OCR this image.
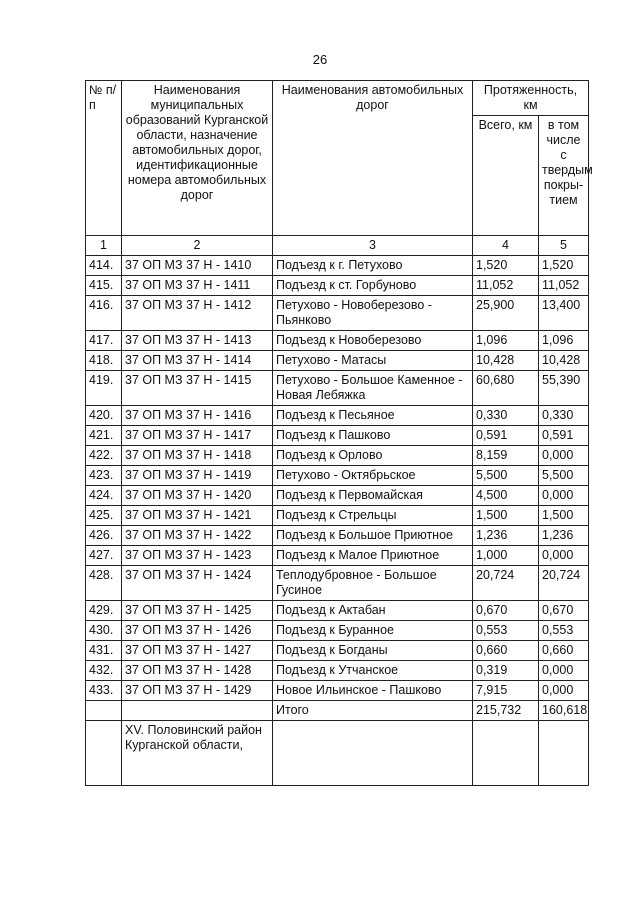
26
№ п/п	Наименования муниципальных образований Курганской области, назначение автомобильных дорог, идентификационные номера автомобильных дорог	Наименования автомобильных дорог	Протяженность, км	
			Всего, км	в том числе с твердым покры-тием
1	2	3	4	5
414.	37 ОП МЗ 37 Н - 1410	Подъезд к г. Петухово	1,520	1,520
415.	37 ОП МЗ 37 Н - 1411	Подъезд к ст. Горбуново	11,052	11,052
416.	37 ОП МЗ 37 Н - 1412	Петухово - Новоберезово - Пьянково	25,900	13,400
417.	37 ОП МЗ 37 Н - 1413	Подъезд к Новоберезово	1,096	1,096
418.	37 ОП МЗ 37 Н - 1414	Петухово - Матасы	10,428	10,428
419.	37 ОП МЗ 37 Н - 1415	Петухово - Большое Каменное - Новая Лебяжка	60,680	55,390
420.	37 ОП МЗ 37 Н - 1416	Подъезд к Песьяное	0,330	0,330
421.	37 ОП МЗ 37 Н - 1417	Подъезд к Пашково	0,591	0,591
422.	37 ОП МЗ 37 Н - 1418	Подъезд к Орлово	8,159	0,000
423.	37 ОП МЗ 37 Н - 1419	Петухово - Октябрьское	5,500	5,500
424.	37 ОП МЗ 37 Н - 1420	Подъезд к Первомайская	4,500	0,000
425.	37 ОП МЗ 37 Н - 1421	Подъезд к Стрельцы	1,500	1,500
426.	37 ОП МЗ 37 Н - 1422	Подъезд к Большое Приютное	1,236	1,236
427.	37 ОП МЗ 37 Н - 1423	Подъезд к Малое Приютное	1,000	0,000
428.	37 ОП МЗ 37 Н - 1424	Теплодубровное - Большое Гусиное	20,724	20,724
429.	37 ОП МЗ 37 Н - 1425	Подъезд к Актабан	0,670	0,670
430.	37 ОП МЗ 37 Н - 1426	Подъезд к Буранное	0,553	0,553
431.	37 ОП МЗ 37 Н - 1427	Подъезд к Богданы	0,660	0,660
432.	37 ОП МЗ 37 Н - 1428	Подъезд к Утчанское	0,319	0,000
433.	37 ОП МЗ 37 Н - 1429	Новое Ильинское - Пашково	7,915	0,000
		Итого	215,732	160,618
	XV. Половинский район Курганской области,			
